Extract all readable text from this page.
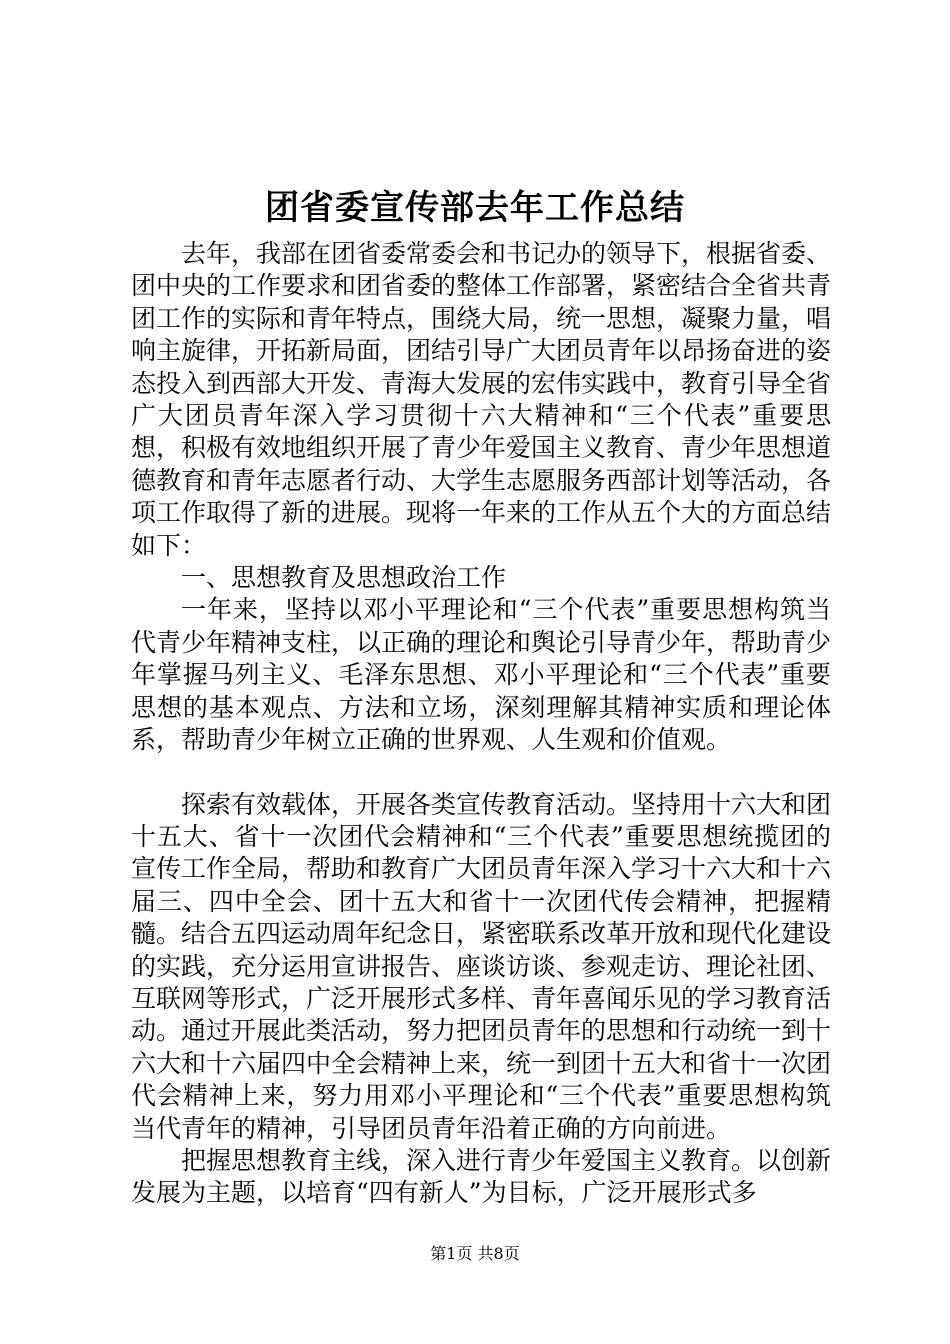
团省委宣传部去年工作总结

去年，我部在团省委常委会和书记办的领导下，根据省委、团中央的工作要求和团省委的整体工作部署，紧密结合全省共青团工作的实际和青年特点，围绕大局，统一思想，凝聚力量，唱响主旋律，开拓新局面，团结引导广大团员青年以昂扬奋进的姿态投入到西部大开发、青海大发展的宏伟实践中，教育引导全省广大团员青年深入学习贯彻十六大精神和“三个代表”重要思想，积极有效地组织开展了青少年爱国主义教育、青少年思想道德教育和青年志愿者行动、大学生志愿服务西部计划等活动，各项工作取得了新的进展。现将一年来的工作从五个大的方面总结如下：

一、思想教育及思想政治工作

一年来，坚持以邓小平理论和“三个代表”重要思想构筑当代青少年精神支柱，以正确的理论和舆论引导青少年，帮助青少年掌握马列主义、毛泽东思想、邓小平理论和“三个代表”重要思想的基本观点、方法和立场，深刻理解其精神实质和理论体系，帮助青少年树立正确的世界观、人生观和价值观。

探索有效载体，开展各类宣传教育活动。坚持用十六大和团十五大、省十一次团代会精神和“三个代表”重要思想统揽团的宣传工作全局，帮助和教育广大团员青年深入学习十六大和十六届三、四中全会、团十五大和省十一次团代传会精神，把握精髓。结合五四运动周年纪念日，紧密联系改革开放和现代化建设的实践，充分运用宣讲报告、座谈访谈、参观走访、理论社团、互联网等形式，广泛开展形式多样、青年喜闻乐见的学习教育活动。通过开展此类活动，努力把团员青年的思想和行动统一到十六大和十六届四中全会精神上来，统一到团十五大和省十一次团代会精神上来，努力用邓小平理论和“三个代表”重要思想构筑当代青年的精神，引导团员青年沿着正确的方向前进。

把握思想教育主线，深入进行青少年爱国主义教育。以创新发展为主题，以培育“四有新人”为目标，广泛开展形式多

第1页 共8页
